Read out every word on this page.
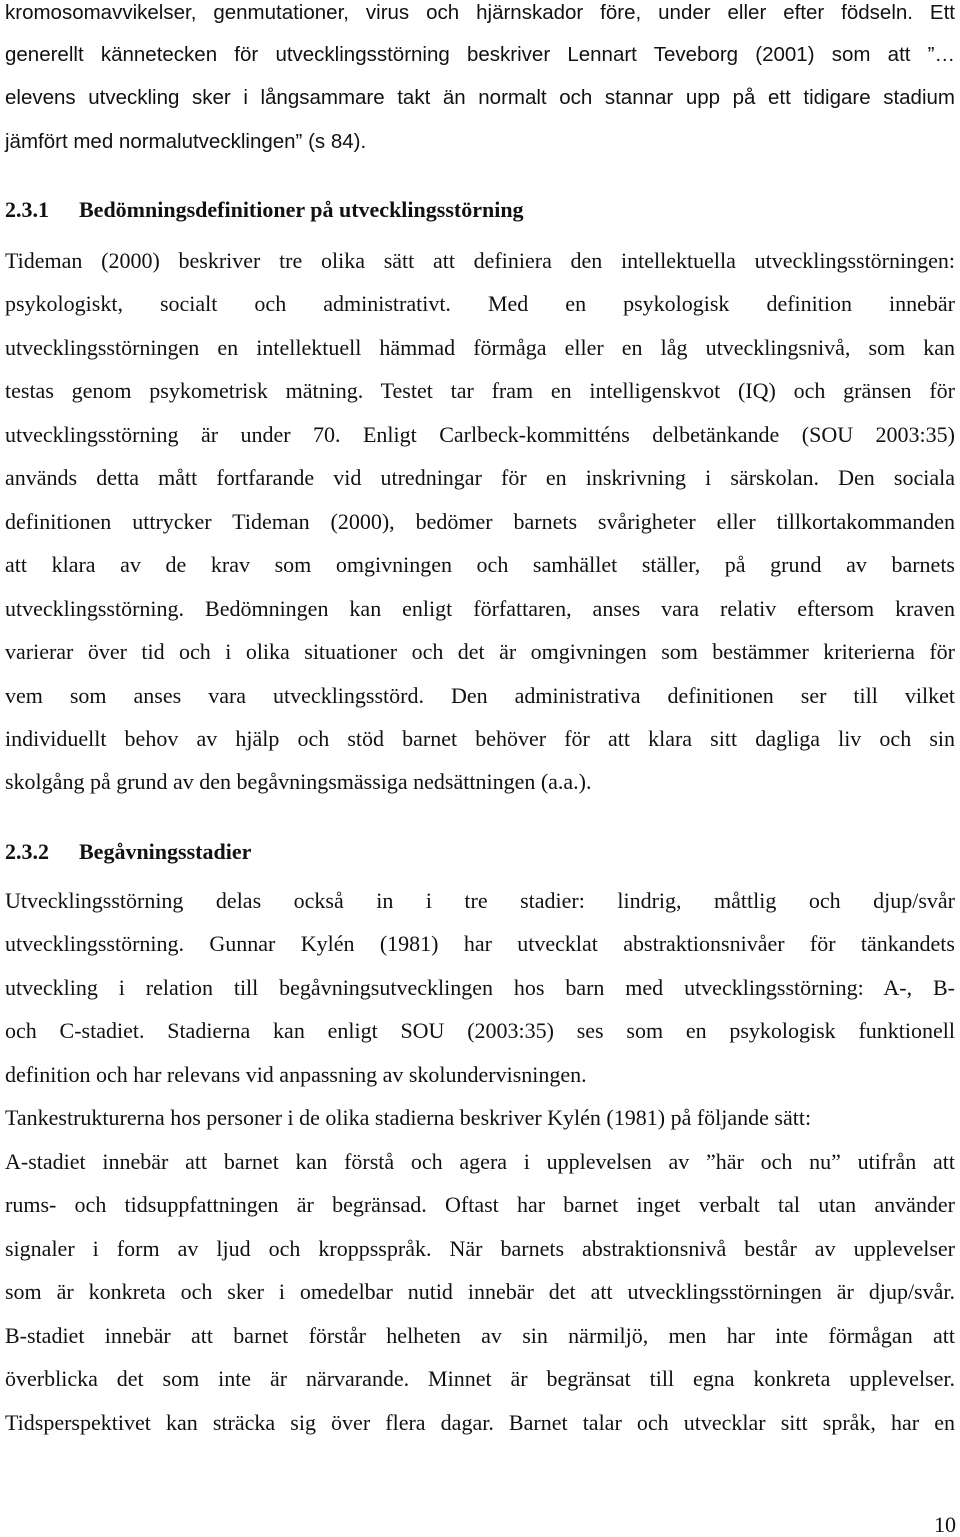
kromosomavvikelser, genmutationer, virus och hjärnskador före, under eller efter födseln. Ett
generellt kännetecken för utvecklingsstörning beskriver Lennart Teveborg (2001) som att ”…
elevens utveckling sker i långsammare takt än normalt och stannar upp på ett tidigare stadium
jämfört med normalutvecklingen” (s 84).
2.3.1 Bedömningsdefinitioner på utvecklingsstörning
Tideman (2000) beskriver tre olika sätt att definiera den intellektuella utvecklingsstörningen:
psykologiskt, socialt och administrativt. Med en psykologisk definition innebär
utvecklingsstörningen en intellektuell hämmad förmåga eller en låg utvecklingsnivå, som kan
testas genom psykometrisk mätning. Testet tar fram en intelligenskvot (IQ) och gränsen för
utvecklingsstörning är under 70. Enligt Carlbeck-kommitténs delbetänkande (SOU 2003:35)
används detta mått fortfarande vid utredningar för en inskrivning i särskolan. Den sociala
definitionen uttrycker Tideman (2000), bedömer barnets svårigheter eller tillkortakommanden
att klara av de krav som omgivningen och samhället ställer, på grund av barnets
utvecklingsstörning. Bedömningen kan enligt författaren, anses vara relativ eftersom kraven
varierar över tid och i olika situationer och det är omgivningen som bestämmer kriterierna för
vem som anses vara utvecklingsstörd. Den administrativa definitionen ser till vilket
individuellt behov av hjälp och stöd barnet behöver för att klara sitt dagliga liv och sin
skolgång på grund av den begåvningsmässiga nedsättningen (a.a.).
2.3.2 Begåvningsstadier
Utvecklingsstörning delas också in i tre stadier: lindrig, måttlig och djup/svår
utvecklingsstörning. Gunnar Kylén (1981) har utvecklat abstraktionsnivåer för tänkandets
utveckling i relation till begåvningsutvecklingen hos barn med utvecklingsstörning: A-, B-
och C-stadiet. Stadierna kan enligt SOU (2003:35) ses som en psykologisk funktionell
definition och har relevans vid anpassning av skolundervisningen.
Tankestrukturerna hos personer i de olika stadierna beskriver Kylén (1981) på följande sätt:
A-stadiet innebär att barnet kan förstå och agera i upplevelsen av ”här och nu” utifrån att
rums- och tidsuppfattningen är begränsad. Oftast har barnet inget verbalt tal utan använder
signaler i form av ljud och kroppsspråk. När barnets abstraktionsnivå består av upplevelser
som är konkreta och sker i omedelbar nutid innebär det att utvecklingsstörningen är djup/svår.
B-stadiet innebär att barnet förstår helheten av sin närmiljö, men har inte förmågan att
överblicka det som inte är närvarande. Minnet är begränsat till egna konkreta upplevelser.
Tidsperspektivet kan sträcka sig över flera dagar. Barnet talar och utvecklar sitt språk, har en
10
